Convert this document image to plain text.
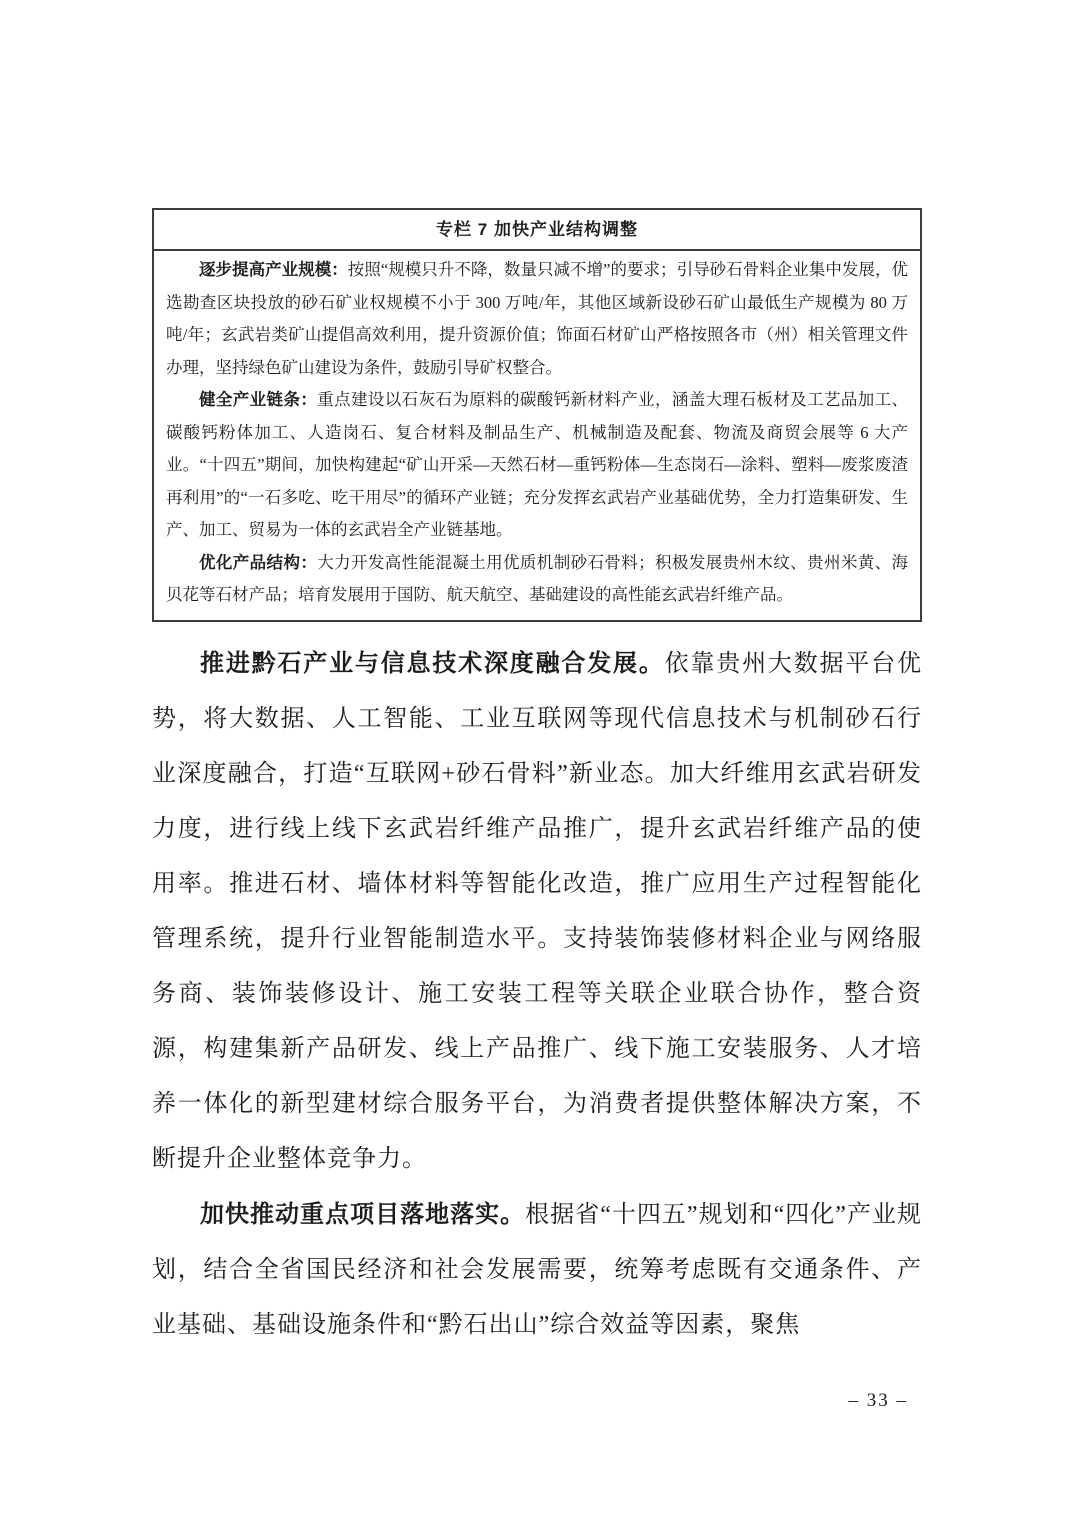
专栏 7 加快产业结构调整

逐步提高产业规模：按照“规模只升不降，数量只减不增”的要求；引导砂石骨料企业集中发展，优选勘查区块投放的砂石矿业权规模不小于 300 万吨/年，其他区域新设砂石矿山最低生产规模为 80 万吨/年；玄武岩类矿山提倡高效利用，提升资源价值；饰面石材矿山严格按照各市（州）相关管理文件办理，坚持绿色矿山建设为条件，鼓励引导矿权整合。

健全产业链条：重点建设以石灰石为原料的碳酸钙新材料产业，涵盖大理石板材及工艺品加工、碳酸钙粉体加工、人造岗石、复合材料及制品生产、机械制造及配套、物流及商贸会展等 6 大产业。“十四五”期间，加快构建起“矿山开采—天然石材—重钙粉体—生态岗石—涂料、塑料—废浆废渣再利用”的“一石多吃、吃干用尽”的循环产业链；充分发挥玄武岩产业基础优势，全力打造集研发、生产、加工、贸易为一体的玄武岩全产业链基地。

优化产品结构：大力开发高性能混凝土用优质机制砂石骨料；积极发展贵州木纹、贵州米黄、海贝花等石材产品；培育发展用于国防、航天航空、基础建设的高性能玄武岩纤维产品。

推进黔石产业与信息技术深度融合发展。依靠贵州大数据平台优势，将大数据、人工智能、工业互联网等现代信息技术与机制砂石行业深度融合，打造“互联网+砂石骨料”新业态。加大纤维用玄武岩研发力度，进行线上线下玄武岩纤维产品推广，提升玄武岩纤维产品的使用率。推进石材、墙体材料等智能化改造，推广应用生产过程智能化管理系统，提升行业智能制造水平。支持装饰装修材料企业与网络服务商、装饰装修设计、施工安装工程等关联企业联合协作，整合资源，构建集新产品研发、线上产品推广、线下施工安装服务、人才培养一体化的新型建材综合服务平台，为消费者提供整体解决方案，不断提升企业整体竞争力。

加快推动重点项目落地落实。根据省“十四五”规划和“四化”产业规划，结合全省国民经济和社会发展需要，统筹考虑既有交通条件、产业基础、基础设施条件和“黔石出山”综合效益等因素，聚焦

– 33 –
